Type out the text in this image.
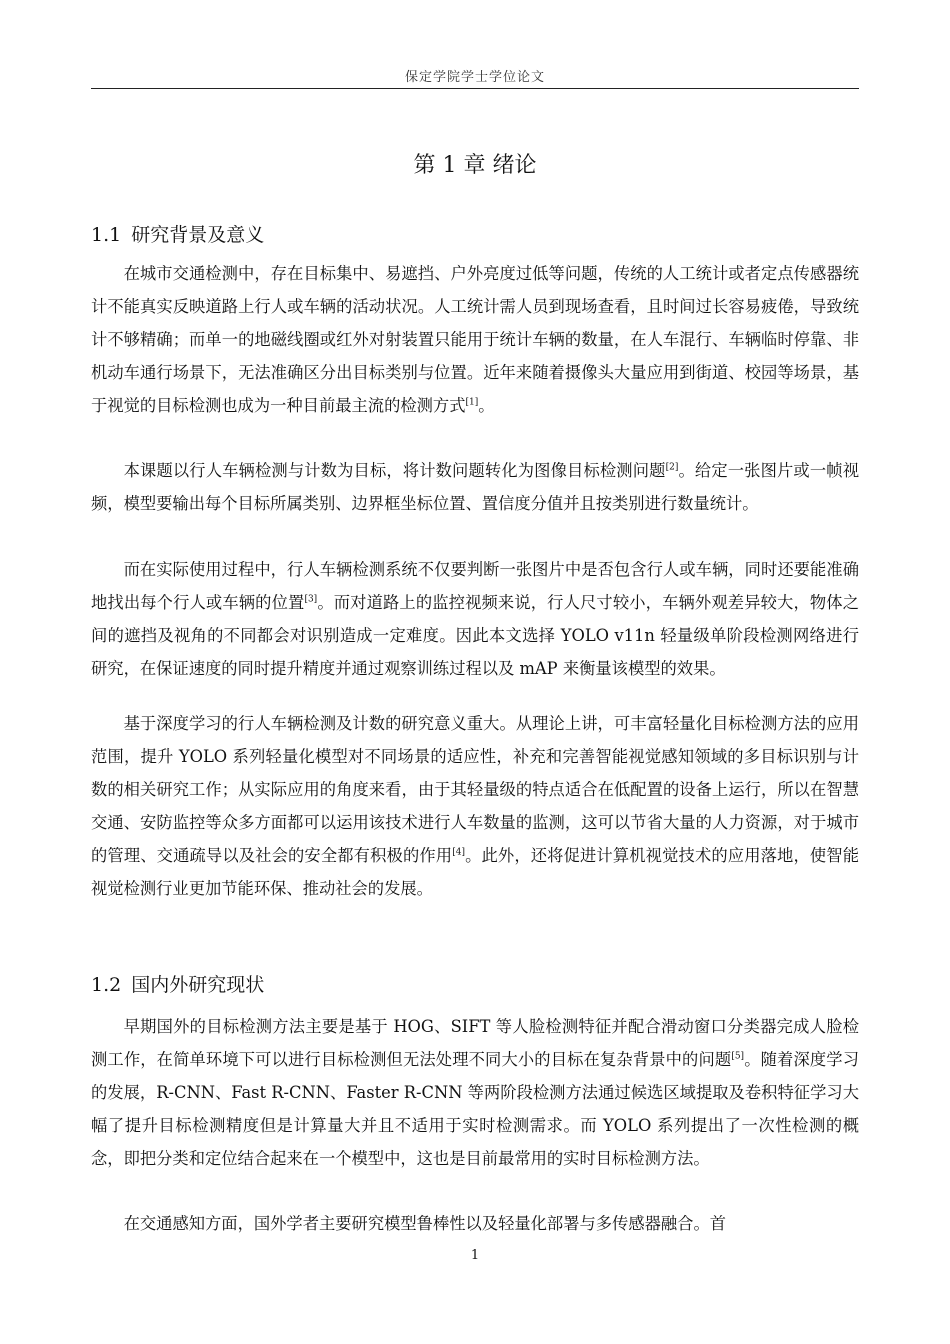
保定学院学士学位论文
第 1 章 绪论
1.1 研究背景及意义

在城市交通检测中，存在目标集中、易遮挡、户外亮度过低等问题，传统的人工统计或者定点传感器统计不能真实反映道路上行人或车辆的活动状况。人工统计需人员到现场查看，且时间过长容易疲倦，导致统计不够精确；而单一的地磁线圈或红外对射装置只能用于统计车辆的数量，在人车混行、车辆临时停靠、非机动车通行场景下，无法准确区分出目标类别与位置。近年来随着摄像头大量应用到街道、校园等场景，基于视觉的目标检测也成为一种目前最主流的检测方式[1]。

本课题以行人车辆检测与计数为目标，将计数问题转化为图像目标检测问题[2]。给定一张图片或一帧视频，模型要输出每个目标所属类别、边界框坐标位置、置信度分值并且按类别进行数量统计。

而在实际使用过程中，行人车辆检测系统不仅要判断一张图片中是否包含行人或车辆，同时还要能准确地找出每个行人或车辆的位置[3]。而对道路上的监控视频来说，行人尺寸较小，车辆外观差异较大，物体之间的遮挡及视角的不同都会对识别造成一定难度。因此本文选择 YOLO v11n 轻量级单阶段检测网络进行研究，在保证速度的同时提升精度并通过观察训练过程以及 mAP 来衡量该模型的效果。

基于深度学习的行人车辆检测及计数的研究意义重大。从理论上讲，可丰富轻量化目标检测方法的应用范围，提升 YOLO 系列轻量化模型对不同场景的适应性，补充和完善智能视觉感知领域的多目标识别与计数的相关研究工作；从实际应用的角度来看，由于其轻量级的特点适合在低配置的设备上运行，所以在智慧交通、安防监控等众多方面都可以运用该技术进行人车数量的监测，这可以节省大量的人力资源，对于城市的管理、交通疏导以及社会的安全都有积极的作用[4]。此外，还将促进计算机视觉技术的应用落地，使智能视觉检测行业更加节能环保、推动社会的发展。

1.2 国内外研究现状

早期国外的目标检测方法主要是基于 HOG、SIFT 等人脸检测特征并配合滑动窗口分类器完成人脸检测工作，在简单环境下可以进行目标检测但无法处理不同大小的目标在复杂背景中的问题[5]。随着深度学习的发展，R-CNN、Fast R-CNN、Faster R-CNN 等两阶段检测方法通过候选区域提取及卷积特征学习大幅了提升目标检测精度但是计算量大并且不适用于实时检测需求。而 YOLO 系列提出了一次性检测的概念，即把分类和定位结合起来在一个模型中，这也是目前最常用的实时目标检测方法。

在交通感知方面，国外学者主要研究模型鲁棒性以及轻量化部署与多传感器融合。首

1
